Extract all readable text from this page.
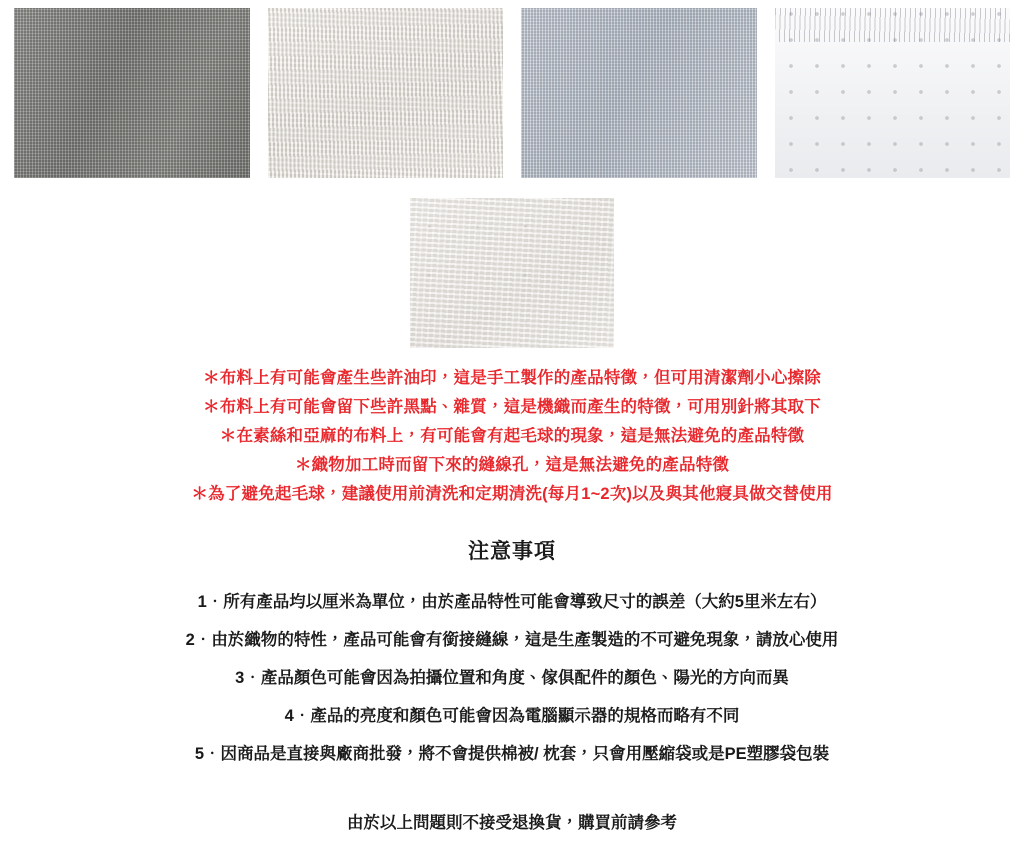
＊布料上有可能會產生些許油印，這是手工製作的產品特徵，但可用清潔劑小心擦除
＊布料上有可能會留下些許黑點、雜質，這是機織而產生的特徵，可用別針將其取下
＊在素絲和亞麻的布料上，有可能會有起毛球的現象，這是無法避免的產品特徵
＊織物加工時而留下來的縫線孔，這是無法避免的產品特徵
＊為了避免起毛球，建議使用前清洗和定期清洗(每月1~2次)以及與其他寢具做交替使用
注意事項
1．所有產品均以厘米為單位，由於產品特性可能會導致尺寸的誤差（大約5里米左右）
2．由於織物的特性，產品可能會有銜接縫線，這是生產製造的不可避免現象，請放心使用
3．產品顏色可能會因為拍攝位置和角度、傢俱配件的顏色、陽光的方向而異
4．產品的亮度和顏色可能會因為電腦顯示器的規格而略有不同
5．因商品是直接與廠商批發，將不會提供棉被/ 枕套，只會用壓縮袋或是PE塑膠袋包裝
由於以上問題則不接受退換貨，購買前請參考
